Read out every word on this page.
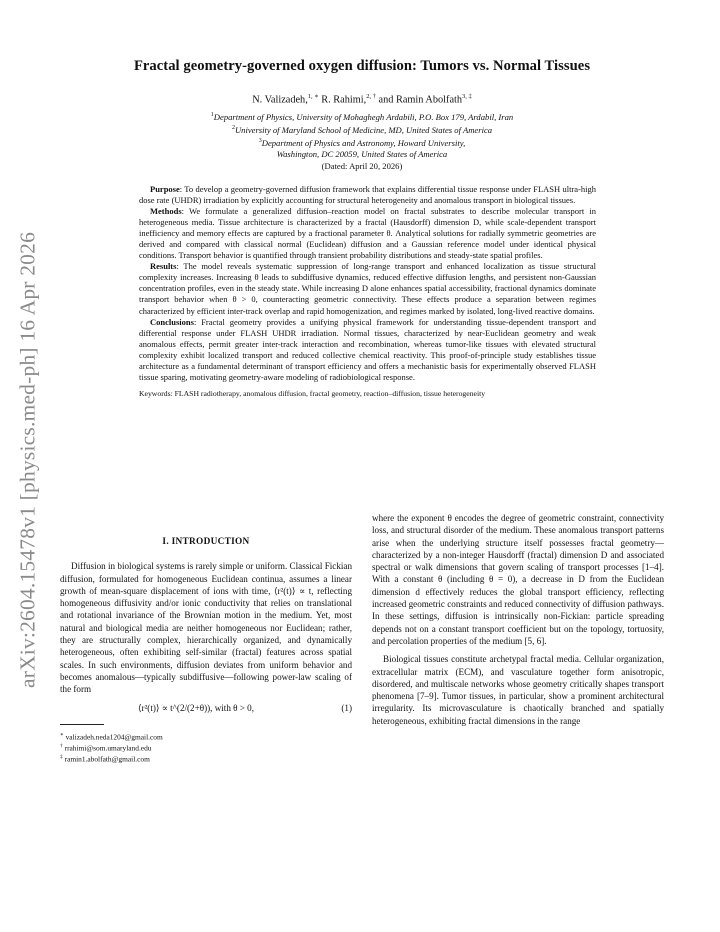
arXiv:2604.15478v1 [physics.med-ph] 16 Apr 2026
Fractal geometry-governed oxygen diffusion: Tumors vs. Normal Tissues
N. Valizadeh,$^{1, ∗}$ R. Rahimi,$^{2, \dagger}$ and Ramin Abolfath$^{3, \ddagger}$
$^1$Department of Physics, University of Mohaghegh Ardabili, P.O. Box 179, Ardabil, Iran
$^2$University of Maryland School of Medicine, MD, United States of America
$^3$Department of Physics and Astronomy, Howard University,
Washington, DC 20059, United States of America
(Dated: April 20, 2026)

Purpose: To develop a geometry-governed diffusion framework that explains differential tissue response under FLASH ultra-high dose rate (UHDR) irradiation by explicitly accounting for structural heterogeneity and anomalous transport in biological tissues.

Methods: We formulate a generalized diffusion–reaction model on fractal substrates to describe molecular transport in heterogeneous media. Tissue architecture is characterized by a fractal (Hausdorff) dimension D, while scale-dependent transport inefficiency and memory effects are captured by a fractional parameter θ. Analytical solutions for radially symmetric geometries are derived and compared with classical normal (Euclidean) diffusion and a Gaussian reference model under identical physical conditions. Transport behavior is quantified through transient probability distributions and steady-state spatial profiles.

Results: The model reveals systematic suppression of long-range transport and enhanced localization as tissue structural complexity increases. Increasing θ leads to subdiffusive dynamics, reduced effective diffusion lengths, and persistent non-Gaussian concentration profiles, even in the steady state. While increasing D alone enhances spatial accessibility, fractional dynamics dominate transport behavior when θ > 0, counteracting geometric connectivity. These effects produce a separation between regimes characterized by efficient inter-track overlap and rapid homogenization, and regimes marked by isolated, long-lived reactive domains.

Conclusions: Fractal geometry provides a unifying physical framework for understanding tissue-dependent transport and differential response under FLASH UHDR irradiation. Normal tissues, characterized by near-Euclidean geometry and weak anomalous effects, permit greater inter-track interaction and recombination, whereas tumor-like tissues with elevated structural complexity exhibit localized transport and reduced collective chemical reactivity. This proof-of-principle study establishes tissue architecture as a fundamental determinant of transport efficiency and offers a mechanistic basis for experimentally observed FLASH tissue sparing, motivating geometry-aware modeling of radiobiological response.

Keywords: FLASH radiotherapy, anomalous diffusion, fractal geometry, reaction–diffusion, tissue heterogeneity
I. INTRODUCTION

Diffusion in biological systems is rarely simple or uniform. Classical Fickian diffusion, formulated for homogeneous Euclidean continua, assumes a linear growth of mean-square displacement of ions with time, ⟨r²(t)⟩ ∝ t, reflecting homogeneous diffusivity and/or ionic conductivity that relies on translational and rotational invariance of the Brownian motion in the medium. Yet, most natural and biological media are neither homogeneous nor Euclidean; rather, they are structurally complex, hierarchically organized, and dynamically heterogeneous, often exhibiting self-similar (fractal) features across spatial scales. In such environments, diffusion deviates from uniform behavior and becomes anomalous—typically subdiffusive—following power-law scaling of the form

⟨r²(t)⟩ ∝ t^(2/(2+θ)), with θ > 0,	(1)
∗ valizadeh.neda1204@gmail.com
† rrahimi@som.umaryland.edu
‡ ramin1.abolfath@gmail.com

where the exponent θ encodes the degree of geometric constraint, connectivity loss, and structural disorder of the medium. These anomalous transport patterns arise when the underlying structure itself possesses fractal geometry—characterized by a non-integer Hausdorff (fractal) dimension D and associated spectral or walk dimensions that govern scaling of transport processes [1–4]. With a constant θ (including θ = 0), a decrease in D from the Euclidean dimension d effectively reduces the global transport efficiency, reflecting increased geometric constraints and reduced connectivity of diffusion pathways. In these settings, diffusion is intrinsically non-Fickian: particle spreading depends not on a constant transport coefficient but on the topology, tortuosity, and percolation properties of the medium [5, 6].

Biological tissues constitute archetypal fractal media. Cellular organization, extracellular matrix (ECM), and vasculature together form anisotropic, disordered, and multiscale networks whose geometry critically shapes transport phenomena [7–9]. Tumor tissues, in particular, show a prominent architectural irregularity. Its microvasculature is chaotically branched and spatially heterogeneous, exhibiting fractal dimensions in the range
